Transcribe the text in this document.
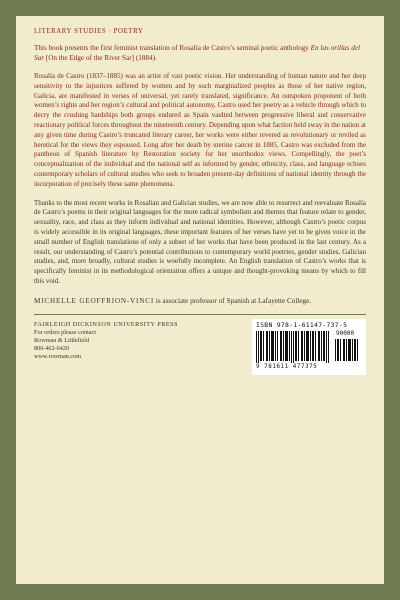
LITERARY STUDIES · POETRY

This book presents the first feminist translation of Rosalía de Castro’s seminal poetic anthology En las orillas del Sar [On the Edge of the River Sar] (1884).

Rosalía de Castro (1837–1885) was an artist of vast poetic vision. Her understanding of human nature and her deep sensitivity to the injustices suffered by women and by such marginalized peoples as those of her native region, Galicia, are manifested in verses of universal, yet rarely translated, significance. An outspoken proponent of both women’s rights and her region’s cultural and political autonomy, Castro used her poetry as a vehicle through which to decry the crushing hardships both groups endured as Spain vaulted between progressive liberal and conservative reactionary political forces throughout the nineteenth century. Depending upon what faction held sway in the nation at any given time during Castro’s truncated literary career, her works were either revered as revolutionary or reviled as heretical for the views they espoused. Long after her death by uterine cancer in 1885, Castro was excluded from the pantheon of Spanish literature by Restoration society for her unorthodox views. Compellingly, the poet’s conceptualization of the individual and the national self as informed by gender, ethnicity, class, and language echoes contemporary scholars of cultural studies who seek to broaden present-day definitions of national identity through the incorporation of precisely these same phenomena.

Thanks to the most recent works in Rosalian and Galician studies, we are now able to resurrect and reevaluate Rosalía de Castro’s poems in their original languages for the more radical symbolism and themes that feature relate to gender, sexuality, race, and class as they inform individual and national identities. However, although Castro’s poetic corpus is widely accessible in its original languages, these important features of her verses have yet to be given voice in the small number of English translations of only a subset of her works that have been produced in the last century. As a result, our understanding of Castro’s potential contributions to contemporary world poetries, gender studies, Galician studies, and, more broadly, cultural studies is woefully incomplete. An English translation of Castro’s works that is specifically feminist in its methodological orientation offers a unique and thought-provoking means by which to fill this void.

MICHELLE GEOFFRION-VINCI is associate professor of Spanish at Lafayette College.

FAIRLEIGH DICKINSON UNIVERSITY PRESS
For orders please contact
Rowman & Littlefield
800-462-6420
www.rowman.com
ISBN 978-1-61147-737-5
90000
9 781611 477375
